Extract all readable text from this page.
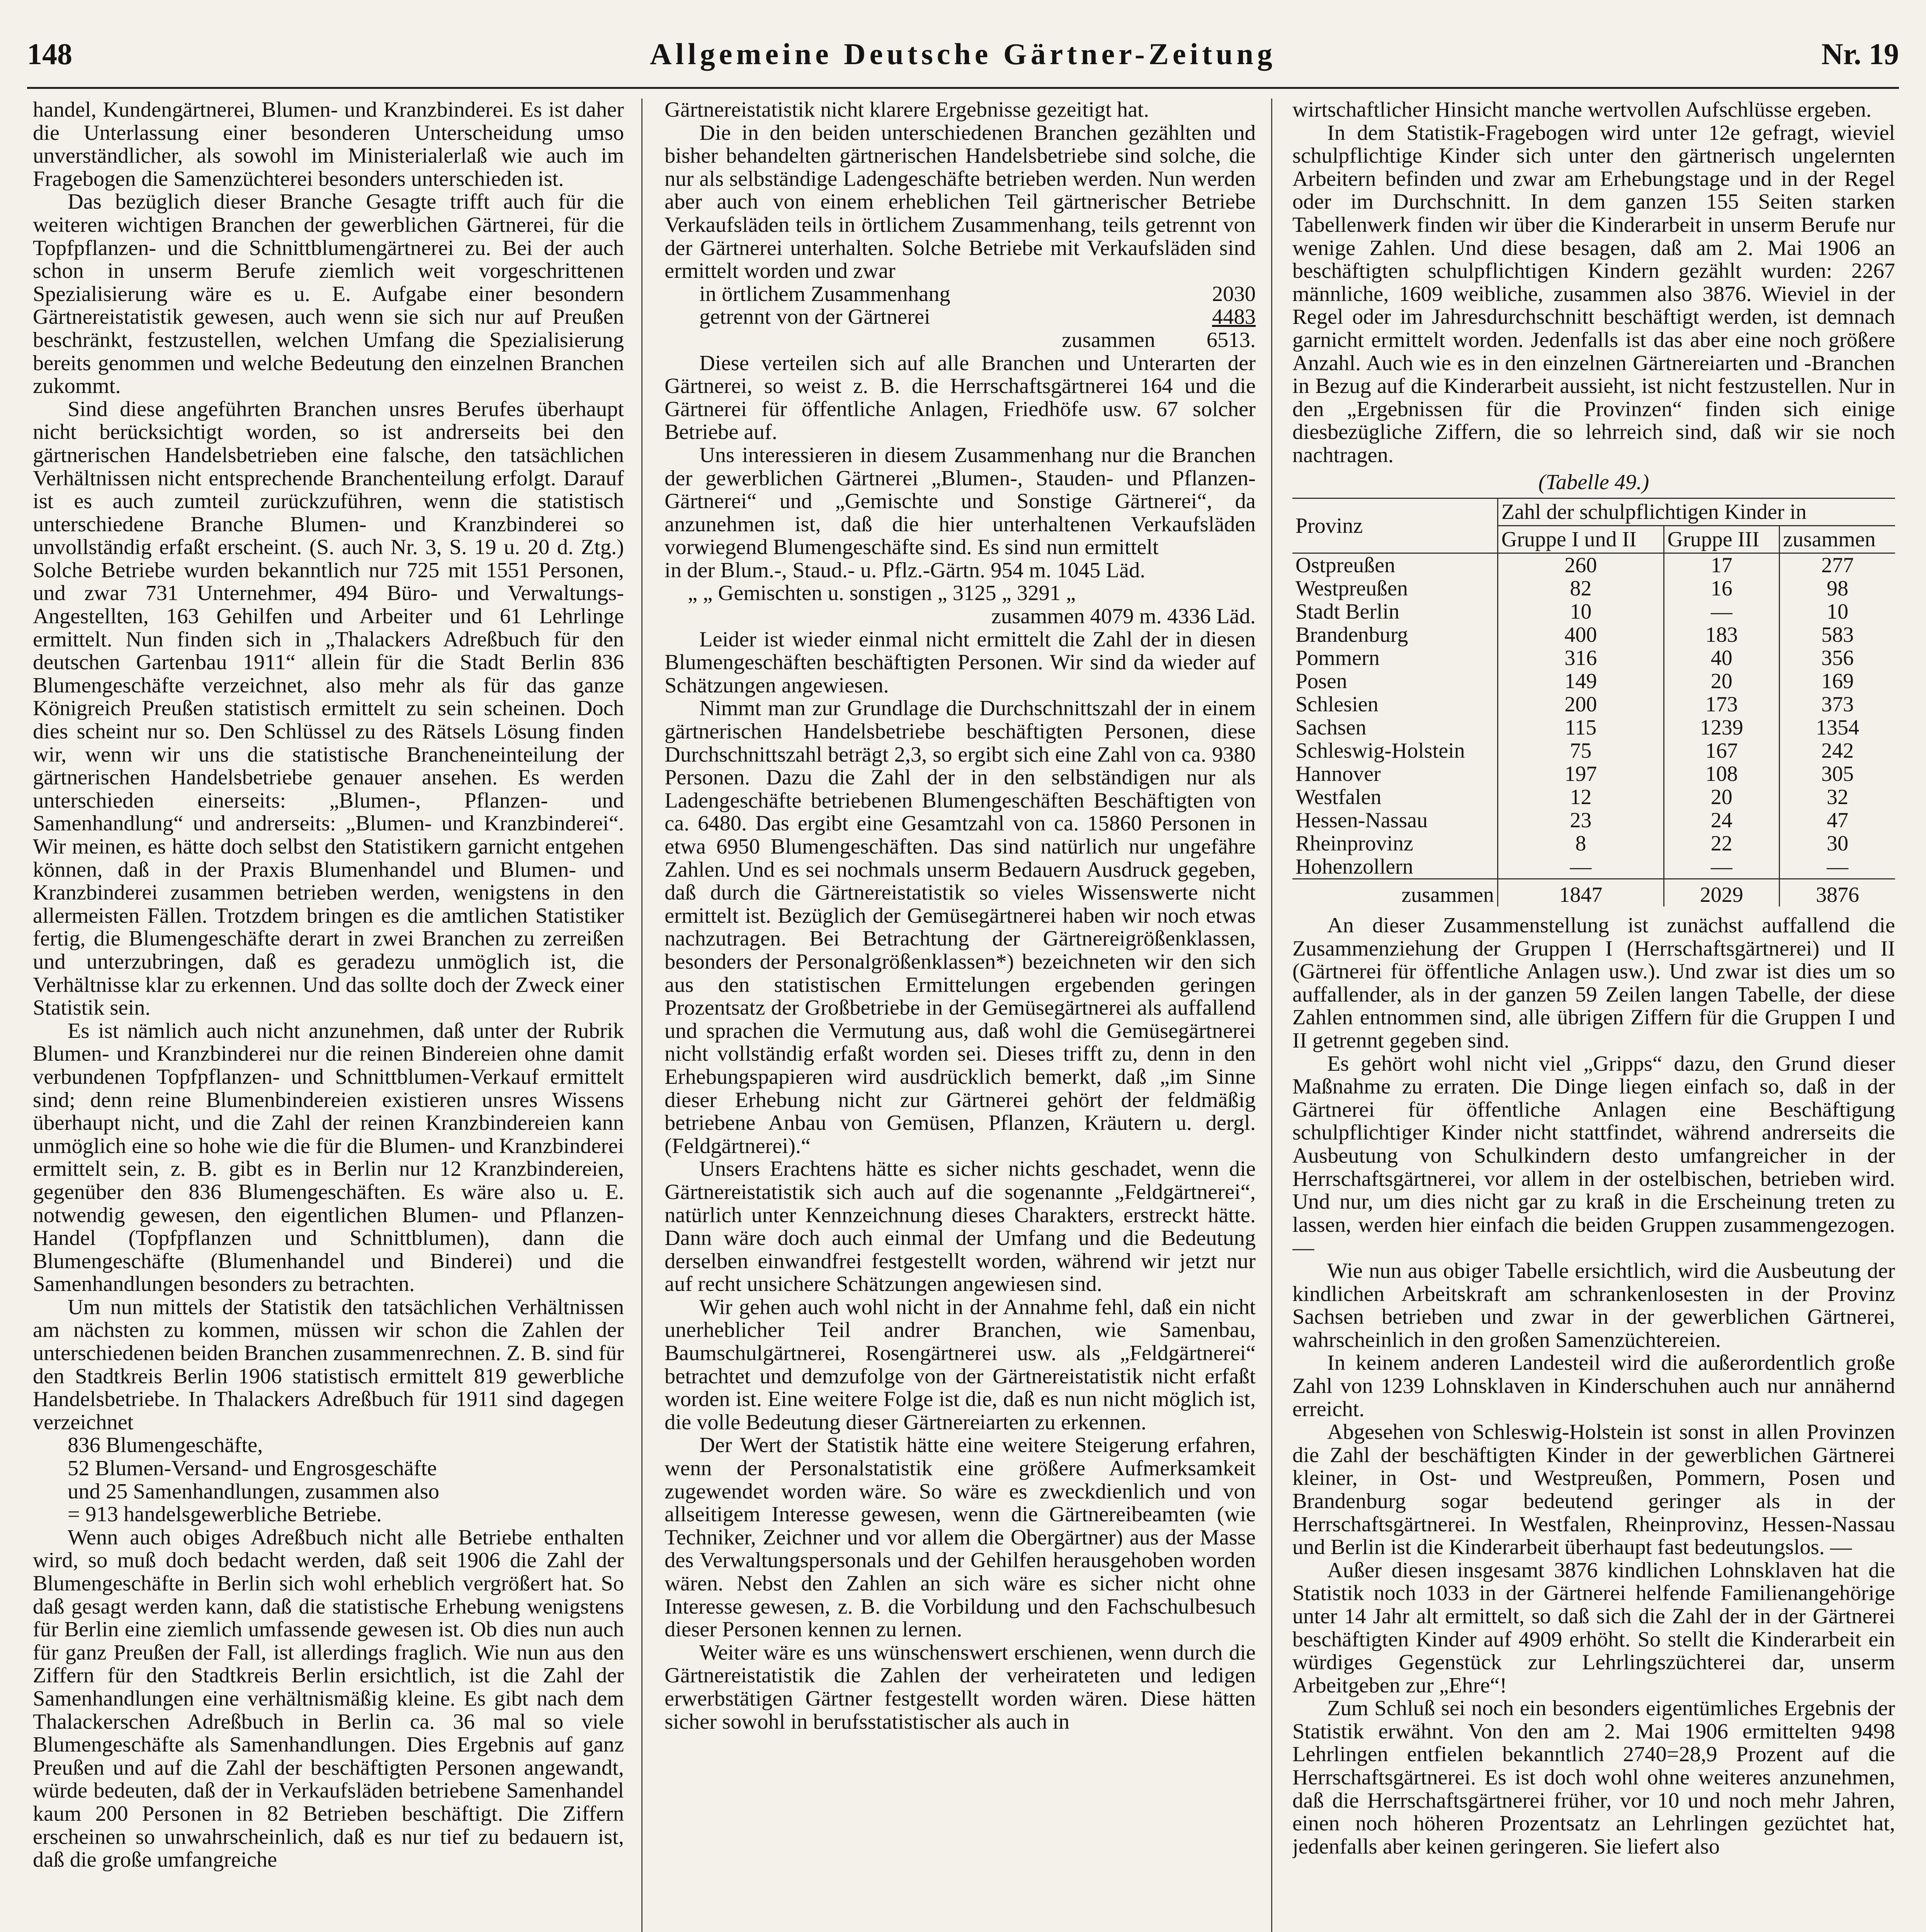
148	Allgemeine Deutsche Gärtner-Zeitung	Nr. 19

handel, Kundengärtnerei, Blumen- und Kranzbinderei. Es ist daher die Unterlassung einer besonderen Unterscheidung umso unverständlicher, als sowohl im Ministerialerlaß wie auch im Fragebogen die Samenzüchterei besonders unterschieden ist.

Das bezüglich dieser Branche Gesagte trifft auch für die weiteren wichtigen Branchen der gewerblichen Gärtnerei, für die Topfpflanzen- und die Schnittblumengärtnerei zu. Bei der auch schon in unserm Berufe ziemlich weit vorgeschrittenen Spezialisierung wäre es u. E. Aufgabe einer besondern Gärtnereistatistik gewesen, auch wenn sie sich nur auf Preußen beschränkt, festzustellen, welchen Umfang die Spezialisierung bereits genommen und welche Bedeutung den einzelnen Branchen zukommt.

Sind diese angeführten Branchen unsres Berufes überhaupt nicht berücksichtigt worden, so ist andrerseits bei den gärtnerischen Handelsbetrieben eine falsche, den tatsächlichen Verhältnissen nicht entsprechende Branchenteilung erfolgt. Darauf ist es auch zumteil zurückzuführen, wenn die statistisch unterschiedene Branche Blumen- und Kranzbinderei so unvollständig erfaßt erscheint. (S. auch Nr. 3, S. 19 u. 20 d. Ztg.) Solche Betriebe wurden bekanntlich nur 725 mit 1551 Personen, und zwar 731 Unternehmer, 494 Büro- und Verwaltungs-Angestellten, 163 Gehilfen und Arbeiter und 61 Lehrlinge ermittelt. Nun finden sich in „Thalackers Adreßbuch für den deutschen Gartenbau 1911“ allein für die Stadt Berlin 836 Blumengeschäfte verzeichnet, also mehr als für das ganze Königreich Preußen statistisch ermittelt zu sein scheinen. Doch dies scheint nur so. Den Schlüssel zu des Rätsels Lösung finden wir, wenn wir uns die statistische Brancheneinteilung der gärtnerischen Handelsbetriebe genauer ansehen. Es werden unterschieden einerseits: „Blumen-, Pflanzen- und Samenhandlung“ und andrerseits: „Blumen- und Kranzbinderei“. Wir meinen, es hätte doch selbst den Statistikern garnicht entgehen können, daß in der Praxis Blumenhandel und Blumen- und Kranzbinderei zusammen betrieben werden, wenigstens in den allermeisten Fällen. Trotzdem bringen es die amtlichen Statistiker fertig, die Blumengeschäfte derart in zwei Branchen zu zerreißen und unterzubringen, daß es geradezu unmöglich ist, die Verhältnisse klar zu erkennen. Und das sollte doch der Zweck einer Statistik sein.

Es ist nämlich auch nicht anzunehmen, daß unter der Rubrik Blumen- und Kranzbinderei nur die reinen Bindereien ohne damit verbundenen Topfpflanzen- und Schnittblumen-Verkauf ermittelt sind; denn reine Blumenbindereien existieren unsres Wissens überhaupt nicht, und die Zahl der reinen Kranzbindereien kann unmöglich eine so hohe wie die für die Blumen- und Kranzbinderei ermittelt sein, z. B. gibt es in Berlin nur 12 Kranzbindereien, gegenüber den 836 Blumengeschäften. Es wäre also u. E. notwendig gewesen, den eigentlichen Blumen- und Pflanzen-Handel (Topfpflanzen und Schnittblumen), dann die Blumengeschäfte (Blumenhandel und Binderei) und die Samenhandlungen besonders zu betrachten.

Um nun mittels der Statistik den tatsächlichen Verhältnissen am nächsten zu kommen, müssen wir schon die Zahlen der unterschiedenen beiden Branchen zusammenrechnen. Z. B. sind für den Stadtkreis Berlin 1906 statistisch ermittelt 819 gewerbliche Handelsbetriebe. In Thalackers Adreßbuch für 1911 sind dagegen verzeichnet

836 Blumengeschäfte,
52 Blumen-Versand- und Engrosgeschäfte
und 25 Samenhandlungen, zusammen also
= 913 handelsgewerbliche Betriebe.

Wenn auch obiges Adreßbuch nicht alle Betriebe enthalten wird, so muß doch bedacht werden, daß seit 1906 die Zahl der Blumengeschäfte in Berlin sich wohl erheblich vergrößert hat. So daß gesagt werden kann, daß die statistische Erhebung wenigstens für Berlin eine ziemlich umfassende gewesen ist. Ob dies nun auch für ganz Preußen der Fall, ist allerdings fraglich. Wie nun aus den Ziffern für den Stadtkreis Berlin ersichtlich, ist die Zahl der Samenhandlungen eine verhältnismäßig kleine. Es gibt nach dem Thalackerschen Adreßbuch in Berlin ca. 36 mal so viele Blumengeschäfte als Samenhandlungen. Dies Ergebnis auf ganz Preußen und auf die Zahl der beschäftigten Personen angewandt, würde bedeuten, daß der in Verkaufsläden betriebene Samenhandel kaum 200 Personen in 82 Betrieben beschäftigt. Die Ziffern erscheinen so unwahrscheinlich, daß es nur tief zu bedauern ist, daß die große umfangreiche

Gärtnereistatistik nicht klarere Ergebnisse gezeitigt hat.

Die in den beiden unterschiedenen Branchen gezählten und bisher behandelten gärtnerischen Handelsbetriebe sind solche, die nur als selbständige Ladengeschäfte betrieben werden. Nun werden aber auch von einem erheblichen Teil gärtnerischer Betriebe Verkaufsläden teils in örtlichem Zusammenhang, teils getrennt von der Gärtnerei unterhalten. Solche Betriebe mit Verkaufsläden sind ermittelt worden und zwar

in örtlichem Zusammenhang	2030
getrennt von der Gärtnerei	4483
zusammen	6513.

Diese verteilen sich auf alle Branchen und Unterarten der Gärtnerei, so weist z. B. die Herrschaftsgärtnerei 164 und die Gärtnerei für öffentliche Anlagen, Friedhöfe usw. 67 solcher Betriebe auf.

Uns interessieren in diesem Zusammenhang nur die Branchen der gewerblichen Gärtnerei „Blumen-, Stauden- und Pflanzen-Gärtnerei“ und „Gemischte und Sonstige Gärtnerei“, da anzunehmen ist, daß die hier unterhaltenen Verkaufsläden vorwiegend Blumengeschäfte sind. Es sind nun ermittelt

in der Blum.-, Staud.- u. Pflz.-Gärtn. 954 m. 1045 Läd.
„ „ Gemischten u. sonstigen „ 3125 „ 3291 „
zusammen 4079 m. 4336 Läd.

Leider ist wieder einmal nicht ermittelt die Zahl der in diesen Blumengeschäften beschäftigten Personen. Wir sind da wieder auf Schätzungen angewiesen.

Nimmt man zur Grundlage die Durchschnittszahl der in einem gärtnerischen Handelsbetriebe beschäftigten Personen, diese Durchschnittszahl beträgt 2,3, so ergibt sich eine Zahl von ca. 9380 Personen. Dazu die Zahl der in den selbständigen nur als Ladengeschäfte betriebenen Blumengeschäften Beschäftigten von ca. 6480. Das ergibt eine Gesamtzahl von ca. 15860 Personen in etwa 6950 Blumengeschäften. Das sind natürlich nur ungefähre Zahlen. Und es sei nochmals unserm Bedauern Ausdruck gegeben, daß durch die Gärtnereistatistik so vieles Wissenswerte nicht ermittelt ist. Bezüglich der Gemüsegärtnerei haben wir noch etwas nachzutragen. Bei Betrachtung der Gärtnereigrößenklassen, besonders der Personalgrößenklassen*) bezeichneten wir den sich aus den statistischen Ermittelungen ergebenden geringen Prozentsatz der Großbetriebe in der Gemüsegärtnerei als auffallend und sprachen die Vermutung aus, daß wohl die Gemüsegärtnerei nicht vollständig erfaßt worden sei. Dieses trifft zu, denn in den Erhebungspapieren wird ausdrücklich bemerkt, daß „im Sinne dieser Erhebung nicht zur Gärtnerei gehört der feldmäßig betriebene Anbau von Gemüsen, Pflanzen, Kräutern u. dergl. (Feldgärtnerei).“

Unsers Erachtens hätte es sicher nichts geschadet, wenn die Gärtnereistatistik sich auch auf die sogenannte „Feldgärtnerei“, natürlich unter Kennzeichnung dieses Charakters, erstreckt hätte. Dann wäre doch auch einmal der Umfang und die Bedeutung derselben einwandfrei festgestellt worden, während wir jetzt nur auf recht unsichere Schätzungen angewiesen sind.

Wir gehen auch wohl nicht in der Annahme fehl, daß ein nicht unerheblicher Teil andrer Branchen, wie Samenbau, Baumschulgärtnerei, Rosengärtnerei usw. als „Feldgärtnerei“ betrachtet und demzufolge von der Gärtnereistatistik nicht erfaßt worden ist. Eine weitere Folge ist die, daß es nun nicht möglich ist, die volle Bedeutung dieser Gärtnereiarten zu erkennen.

Der Wert der Statistik hätte eine weitere Steigerung erfahren, wenn der Personalstatistik eine größere Aufmerksamkeit zugewendet worden wäre. So wäre es zweckdienlich und von allseitigem Interesse gewesen, wenn die Gärtnereibeamten (wie Techniker, Zeichner und vor allem die Obergärtner) aus der Masse des Verwaltungspersonals und der Gehilfen herausgehoben worden wären. Nebst den Zahlen an sich wäre es sicher nicht ohne Interesse gewesen, z. B. die Vorbildung und den Fachschulbesuch dieser Personen kennen zu lernen.

Weiter wäre es uns wünschenswert erschienen, wenn durch die Gärtnereistatistik die Zahlen der verheirateten und ledigen erwerbstätigen Gärtner festgestellt worden wären. Diese hätten sicher sowohl in berufsstatistischer als auch in

wirtschaftlicher Hinsicht manche wertvollen Aufschlüsse ergeben.

In dem Statistik-Fragebogen wird unter 12e gefragt, wieviel schulpflichtige Kinder sich unter den gärtnerisch ungelernten Arbeitern befinden und zwar am Erhebungstage und in der Regel oder im Durchschnitt. In dem ganzen 155 Seiten starken Tabellenwerk finden wir über die Kinderarbeit in unserm Berufe nur wenige Zahlen. Und diese besagen, daß am 2. Mai 1906 an beschäftigten schulpflichtigen Kindern gezählt wurden: 2267 männliche, 1609 weibliche, zusammen also 3876. Wieviel in der Regel oder im Jahresdurchschnitt beschäftigt werden, ist demnach garnicht ermittelt worden. Jedenfalls ist das aber eine noch größere Anzahl. Auch wie es in den einzelnen Gärtnereiarten und -Branchen in Bezug auf die Kinderarbeit aussieht, ist nicht festzustellen. Nur in den „Ergebnissen für die Provinzen“ finden sich einige diesbezügliche Ziffern, die so lehrreich sind, daß wir sie noch nachtragen.

(Tabelle 49.)
Provinz	Zahl der schulpflichtigen Kinder in		
	Gruppe I und II	Gruppe III	zusammen
Ostpreußen	260	17	277
Westpreußen	82	16	98
Stadt Berlin	10	—	10
Brandenburg	400	183	583
Pommern	316	40	356
Posen	149	20	169
Schlesien	200	173	373
Sachsen	115	1239	1354
Schleswig-Holstein	75	167	242
Hannover	197	108	305
Westfalen	12	20	32
Hessen-Nassau	23	24	47
Rheinprovinz	8	22	30
Hohenzollern	—	—	—
zusammen	1847	2029	3876

An dieser Zusammenstellung ist zunächst auffallend die Zusammenziehung der Gruppen I (Herrschaftsgärtnerei) und II (Gärtnerei für öffentliche Anlagen usw.). Und zwar ist dies um so auffallender, als in der ganzen 59 Zeilen langen Tabelle, der diese Zahlen entnommen sind, alle übrigen Ziffern für die Gruppen I und II getrennt gegeben sind.

Es gehört wohl nicht viel „Gripps“ dazu, den Grund dieser Maßnahme zu erraten. Die Dinge liegen einfach so, daß in der Gärtnerei für öffentliche Anlagen eine Beschäftigung schulpflichtiger Kinder nicht stattfindet, während andrerseits die Ausbeutung von Schulkindern desto umfangreicher in der Herrschaftsgärtnerei, vor allem in der ostelbischen, betrieben wird. Und nur, um dies nicht gar zu kraß in die Erscheinung treten zu lassen, werden hier einfach die beiden Gruppen zusammengezogen. —

Wie nun aus obiger Tabelle ersichtlich, wird die Ausbeutung der kindlichen Arbeitskraft am schrankenlosesten in der Provinz Sachsen betrieben und zwar in der gewerblichen Gärtnerei, wahrscheinlich in den großen Samenzüchtereien.

In keinem anderen Landesteil wird die außerordentlich große Zahl von 1239 Lohnsklaven in Kinderschuhen auch nur annähernd erreicht.

Abgesehen von Schleswig-Holstein ist sonst in allen Provinzen die Zahl der beschäftigten Kinder in der gewerblichen Gärtnerei kleiner, in Ost- und Westpreußen, Pommern, Posen und Brandenburg sogar bedeutend geringer als in der Herrschaftsgärtnerei. In Westfalen, Rheinprovinz, Hessen-Nassau und Berlin ist die Kinderarbeit überhaupt fast bedeutungslos. —

Außer diesen insgesamt 3876 kindlichen Lohnsklaven hat die Statistik noch 1033 in der Gärtnerei helfende Familienangehörige unter 14 Jahr alt ermittelt, so daß sich die Zahl der in der Gärtnerei beschäftigten Kinder auf 4909 erhöht. So stellt die Kinderarbeit ein würdiges Gegenstück zur Lehrlingszüchterei dar, unserm Arbeitgeben zur „Ehre“!

Zum Schluß sei noch ein besonders eigentümliches Ergebnis der Statistik erwähnt. Von den am 2. Mai 1906 ermittelten 9498 Lehrlingen entfielen bekanntlich 2740=28,9 Prozent auf die Herrschaftsgärtnerei. Es ist doch wohl ohne weiteres anzunehmen, daß die Herrschaftsgärtnerei früher, vor 10 und noch mehr Jahren, einen noch höheren Prozentsatz an Lehrlingen gezüchtet hat, jedenfalls aber keinen geringeren. Sie liefert also
